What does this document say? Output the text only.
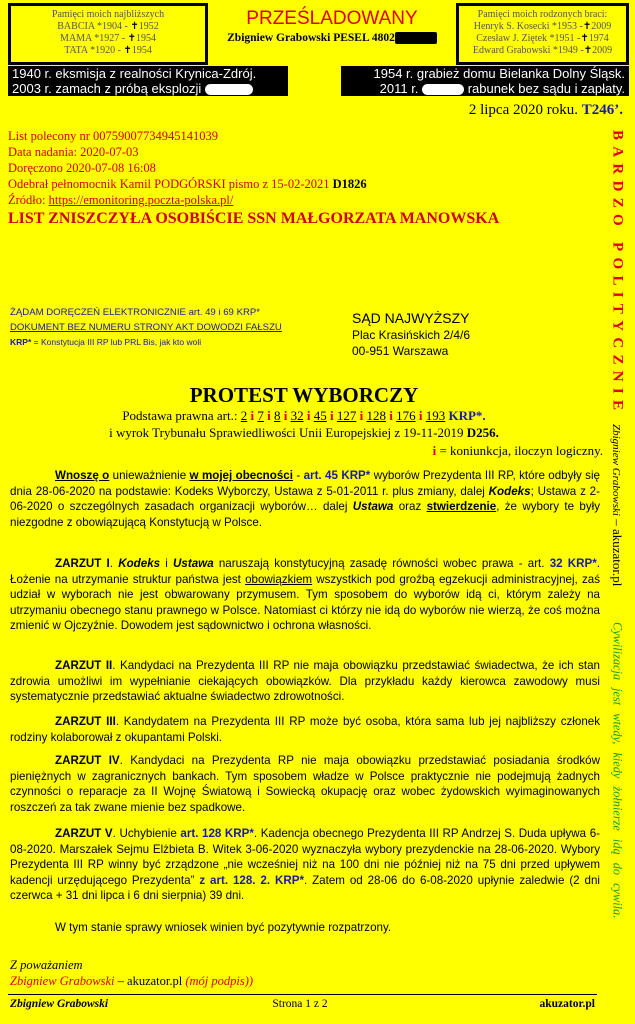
Pamięci moich najbliższych
BABCIA *1904 - ✝1952
MAMA *1927 - ✝1954
TATA *1920 - ✝1954
PRZEŚLADOWANY
Zbigniew Grabowski PESEL 4802
Pamięci moich rodzonych braci:
Henryk S. Kosecki *1953 -✝2009
Czesław J. Ziętek *1951 -✝1974
Edward Grabowski *1949 -✝2009
1940 r. eksmisja z realności Krynica-Zdrój.
2003 r. zamach z próbą eksplozji
1954 r. grabież domu Bielanka Dolny Śląsk.
2011 r.	rabunek bez sądu i zapłaty.
2 lipca 2020 roku. T246’.
List polecony nr 00759007734945141039
Data nadania: 2020-07-03
Doręczono 2020-07-08 16:08
Odebrał pełnomocnik Kamil PODGÓRSKI pismo z 15-02-2021 D1826
Źródło: https://emonitoring.poczta-polska.pl/
LIST ZNISZCZYŁA OSOBIŚCIE SSN MAŁGORZATA MANOWSKA
ŻĄDAM DORĘCZEŃ ELEKTRONICZNIE art. 49 i 69 KRP*
DOKUMENT BEZ NUMERU STRONY AKT DOWODZI FAŁSZU
KRP* = Konstytucja III RP lub PRL Bis, jak kto woli
SĄD NAJWYŻSZY
Plac Krasińskich 2/4/6
00-951 Warszawa
PROTEST WYBORCZY
Podstawa prawna art.: 2 i 7 i 8 i 32 i 45 i 127 i 128 i 176 i 193 KRP*.
i wyrok Trybunału Sprawiedliwości Unii Europejskiej z 19-11-2019 D256.
i = koniunkcja, iloczyn logiczny.
Wnoszę o unieważnienie w mojej obecności - art. 45 KRP* wyborów Prezydenta III RP, które odbyły się dnia 28-06-2020 na podstawie: Kodeks Wyborczy, Ustawa z 5-01-2011 r. plus zmiany, dalej Kodeks; Ustawa z 2-06-2020 o szczególnych zasadach organizacji wyborów… dalej Ustawa oraz stwierdzenie, że wybory te były niezgodne z obowiązującą Konstytucją w Polsce.
ZARZUT I. Kodeks i Ustawa naruszają konstytucyjną zasadę równości wobec prawa - art. 32 KRP*. Łożenie na utrzymanie struktur państwa jest obowiązkiem wszystkich pod groźbą egzekucji administracyjnej, zaś udział w wyborach nie jest obwarowany przymusem. Tym sposobem do wyborów idą ci, którym zależy na utrzymaniu obecnego stanu prawnego w Polsce. Natomiast ci którzy nie idą do wyborów nie wierzą, że coś można zmienić w Ojczyźnie. Dowodem jest sądownictwo i ochrona własności.
ZARZUT II. Kandydaci na Prezydenta III RP nie maja obowiązku przedstawiać świadectwa, że ich stan zdrowia umożliwi im wypełnianie ciekających obowiązków. Dla przykładu każdy kierowca zawodowy musi systematycznie przedstawiać aktualne świadectwo zdrowotności.
ZARZUT III. Kandydatem na Prezydenta III RP może być osoba, która sama lub jej najbliższy członek rodziny kolaborował z okupantami Polski.
ZARZUT IV. Kandydaci na Prezydenta RP nie maja obowiązku przedstawiać posiadania środków pieniężnych w zagranicznych bankach. Tym sposobem władze w Polsce praktycznie nie podejmują żadnych czynności o reparacje za II Wojnę Światową i Sowiecką okupację oraz wobec żydowskich wyimaginowanych roszczeń za tak zwane mienie bez spadkowe.
ZARZUT V. Uchybienie art. 128 KRP*. Kadencja obecnego Prezydenta III RP Andrzej S. Duda upływa 6-08-2020. Marszałek Sejmu Elżbieta B. Witek 3-06-2020 wyznaczyła wybory prezydenckie na 28-06-2020. Wybory Prezydenta III RP winny być zrządzone „nie wcześniej niż na 100 dni nie później niż na 75 dni przed upływem kadencji urzędującego Prezydenta” z art. 128. 2. KRP*. Zatem od 28-06 do 6-08-2020 upłynie zaledwie (2 dni czerwca + 31 dni lipca i 6 dni sierpnia) 39 dni.
W tym stanie sprawy wniosek winien być pozytywnie rozpatrzony.
Z poważaniem
Zbigniew Grabowski – akuzator.pl (mój podpis))
Zbigniew Grabowski	Strona 1 z 2	akuzator.pl
BARDZO POLITYCZNIE
Zbigniew Grabowski – akuzator.pl
Cywilizacja jest wtedy, kiedy żołnierze idą do cywila.
